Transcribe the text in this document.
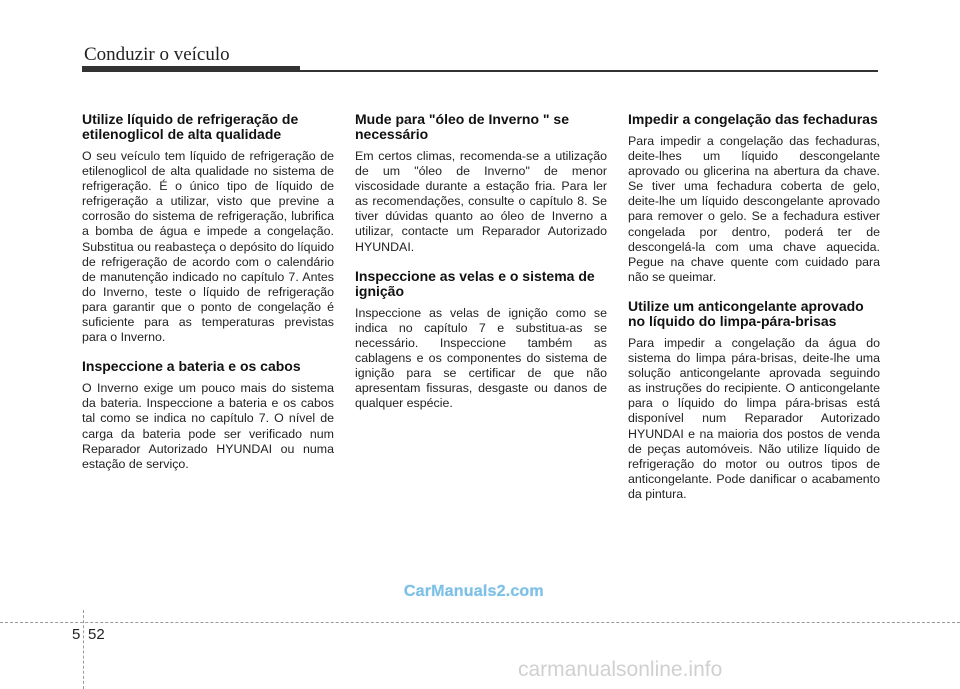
Conduzir o veículo
Utilize líquido de refrigeração de etilenoglicol de alta qualidade

O seu veículo tem líquido de refrigeração de etilenoglicol de alta qualidade no sistema de refrigeração. É o único tipo de líquido de refrigeração a utilizar, visto que previne a corrosão do sistema de refrigeração, lubrifica a bomba de água e impede a congelação. Substitua ou reabasteça o depósito do líquido de refrigeração de acordo com o calendário de manutenção indicado no capítulo 7. Antes do Inverno, teste o líquido de refrigeração para garantir que o ponto de congelação é suficiente para as temperaturas previstas para o Inverno.

Inspeccione a bateria e os cabos

O Inverno exige um pouco mais do sistema da bateria. Inspeccione a bateria e os cabos tal como se indica no capítulo 7. O nível de carga da bateria pode ser verificado num Reparador Autorizado HYUNDAI ou numa estação de serviço.

Mude para "óleo de Inverno " se necessário

Em certos climas, recomenda-se a utilização de um "óleo de Inverno" de menor viscosidade durante a estação fria. Para ler as recomendações, consulte o capítulo 8. Se tiver dúvidas quanto ao óleo de Inverno a utilizar, contacte um Reparador Autorizado HYUNDAI.

Inspeccione as velas e o sistema de ignição

Inspeccione as velas de ignição como se indica no capítulo 7 e substitua-as se necessário. Inspeccione também as cablagens e os componentes do sistema de ignição para se certificar de que não apresentam fissuras, desgaste ou danos de qualquer espécie.

Impedir a congelação das fechaduras

Para impedir a congelação das fechaduras, deite-lhes um líquido descongelante aprovado ou glicerina na abertura da chave. Se tiver uma fechadura coberta de gelo, deite-lhe um líquido descongelante aprovado para remover o gelo. Se a fechadura estiver congelada por dentro, poderá ter de descongelá-la com uma chave aquecida. Pegue na chave quente com cuidado para não se queimar.

Utilize um anticongelante aprovado no líquido do limpa-pára-brisas

Para impedir a congelação da água do sistema do limpa pára-brisas, deite-lhe uma solução anticongelante aprovada seguindo as instruções do recipiente. O anticongelante para o líquido do limpa pára-brisas está disponível num Reparador Autorizado HYUNDAI e na maioria dos postos de venda de peças automóveis. Não utilize líquido de refrigeração do motor ou outros tipos de anticongelante. Pode danificar o acabamento da pintura.

CarManuals2.com
5 52
carmanualsonline.info
